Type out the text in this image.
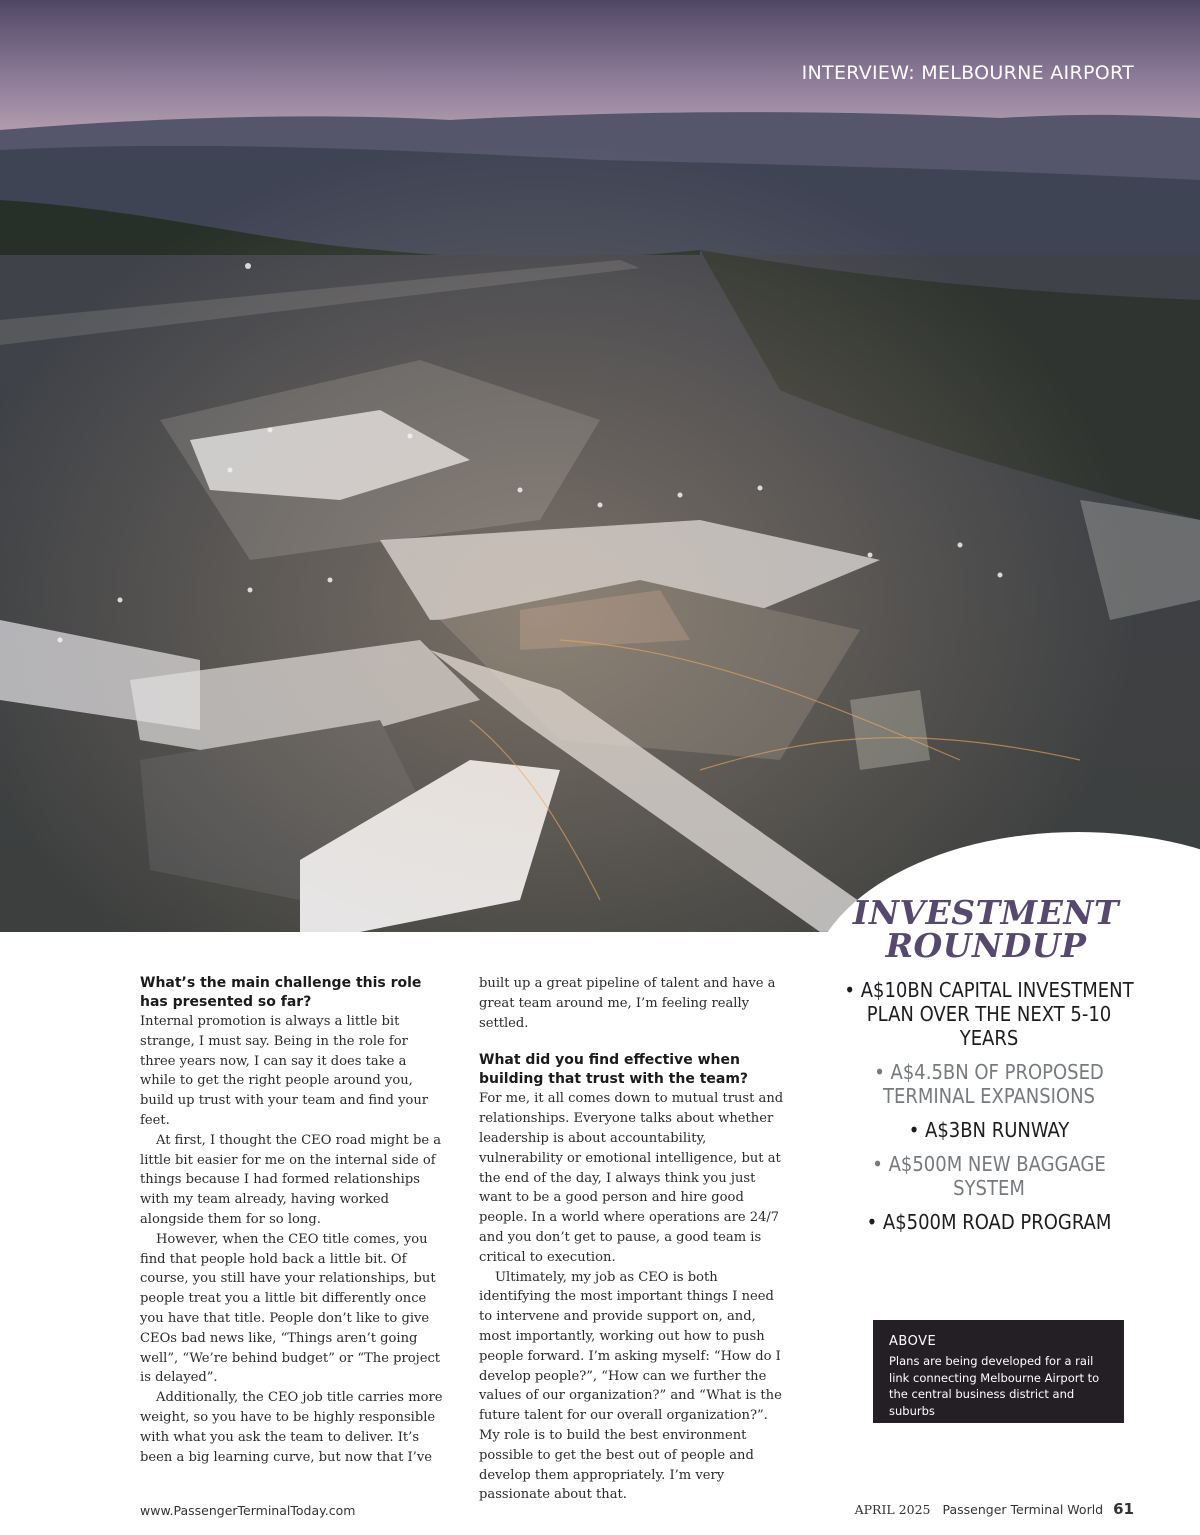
INTERVIEW: MELBOURNE AIRPORT
INVESTMENT
ROUNDUP
• A$10BN CAPITAL INVESTMENT PLAN OVER THE NEXT 5-10 YEARS
• A$4.5BN OF PROPOSED TERMINAL EXPANSIONS
• A$3BN RUNWAY
• A$500M NEW BAGGAGE SYSTEM
• A$500M ROAD PROGRAM
What’s the main challenge this role has presented so far?

Internal promotion is always a little bit strange, I must say. Being in the role for three years now, I can say it does take a while to get the right people around you, build up trust with your team and find your feet.

At first, I thought the CEO road might be a little bit easier for me on the internal side of things because I had formed relationships with my team already, having worked alongside them for so long.

However, when the CEO title comes, you find that people hold back a little bit. Of course, you still have your relationships, but people treat you a little bit differently once you have that title. People don’t like to give CEOs bad news like, “Things aren’t going well”, “We’re behind budget” or “The project is delayed”.

Additionally, the CEO job title carries more weight, so you have to be highly responsible with what you ask the team to deliver. It’s been a big learning curve, but now that I’ve

built up a great pipeline of talent and have a great team around me, I’m feeling really settled.

What did you find effective when building that trust with the team?

For me, it all comes down to mutual trust and relationships. Everyone talks about whether leadership is about accountability, vulnerability or emotional intelligence, but at the end of the day, I always think you just want to be a good person and hire good people. In a world where operations are 24/7 and you don’t get to pause, a good team is critical to execution.

Ultimately, my job as CEO is both identifying the most important things I need to intervene and provide support on, and, most importantly, working out how to push people forward. I’m asking myself: “How do I develop people?”, “How can we further the values of our organization?” and “What is the future talent for our overall organization?”. My role is to build the best environment possible to get the best out of people and develop them appropriately. I’m very passionate about that.

ABOVE
Plans are being developed for a rail link connecting Melbourne Airport to the central business district and suburbs
www.PassengerTerminalToday.com	APRIL 2025 Passenger Terminal World 61
